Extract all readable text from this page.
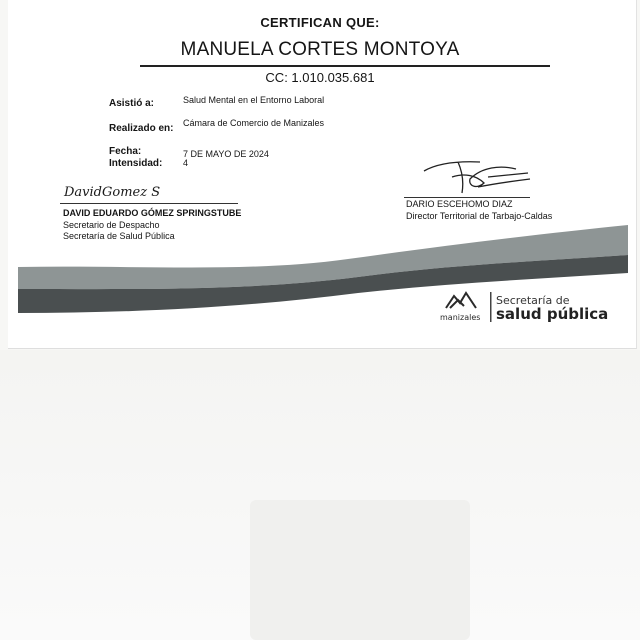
CERTIFICAN QUE:
MANUELA CORTES MONTOYA
CC: 1.010.035.681
Asistió a:	Salud Mental en el Entorno Laboral
Realizado en: Cámara de Comercio de Manizales
Fecha:	7 DE MAYO DE 2024
Intensidad: 4
DavidGomez S
DAVID EDUARDO GÓMEZ SPRINGSTUBE
Secretario de Despacho
Secretaría de Salud Pública
DARIO ESCEHOMO DIAZ
Director Territorial de Tarbajo-Caldas
manizales
Secretaría de
salud pública
